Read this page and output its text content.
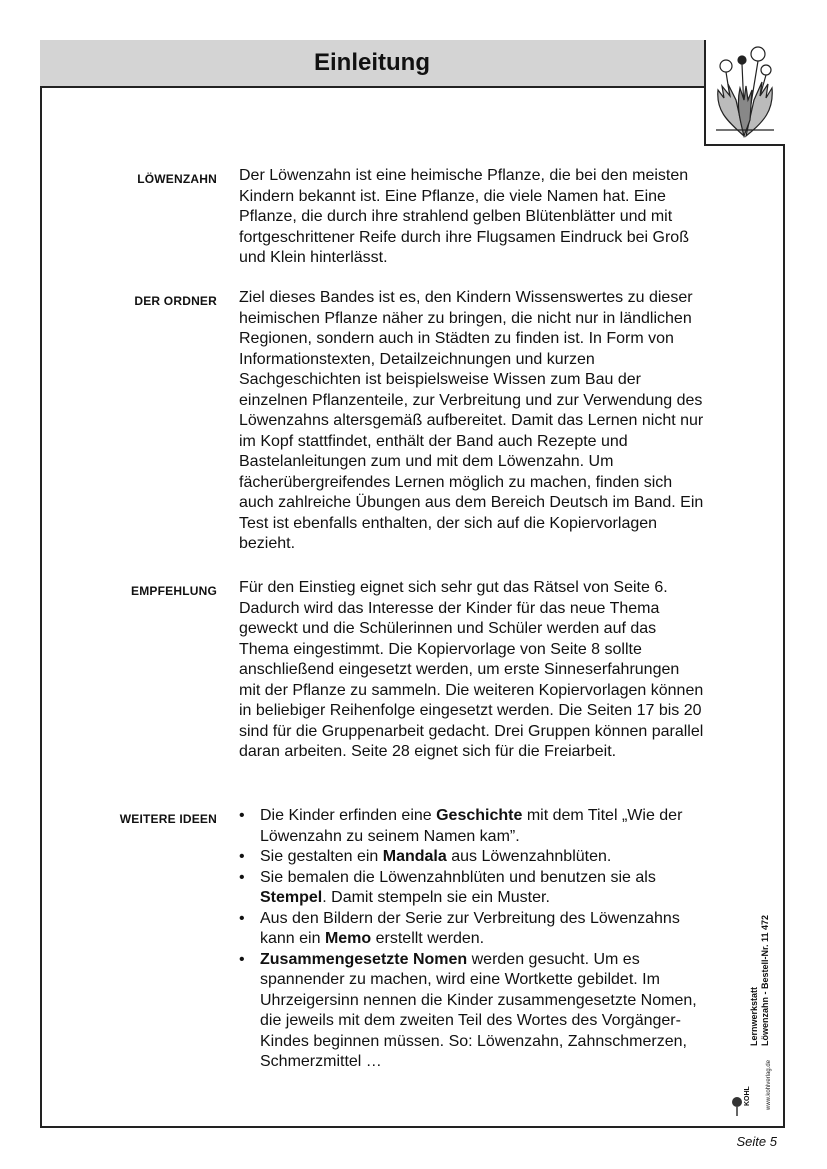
Einleitung
LÖWENZAHN Der Löwenzahn ist eine heimische Pflanze, die bei den meisten Kindern bekannt ist. Eine Pflanze, die viele Namen hat. Eine Pflanze, die durch ihre strahlend gelben Blütenblätter und mit fortgeschrittener Reife durch ihre Flugsamen Eindruck bei Groß und Klein hinterlässt.
DER ORDNER Ziel dieses Bandes ist es, den Kindern Wissenswertes zu dieser heimischen Pflanze näher zu bringen, die nicht nur in ländlichen Regionen, sondern auch in Städten zu finden ist. In Form von Informationstexten, Detailzeichnungen und kurzen Sachgeschichten ist beispielsweise Wissen zum Bau der einzelnen Pflanzenteile, zur Verbreitung und zur Verwendung des Löwenzahns altersgemäß aufbereitet. Damit das Lernen nicht nur im Kopf stattfindet, enthält der Band auch Rezepte und Bastelanleitungen zum und mit dem Löwenzahn. Um fächerübergreifendes Lernen möglich zu machen, finden sich auch zahlreiche Übungen aus dem Bereich Deutsch im Band. Ein Test ist ebenfalls enthalten, der sich auf die Kopiervorlagen bezieht.
EMPFEHLUNG Für den Einstieg eignet sich sehr gut das Rätsel von Seite 6. Dadurch wird das Interesse der Kinder für das neue Thema geweckt und die Schülerinnen und Schüler werden auf das Thema eingestimmt. Die Kopiervorlage von Seite 8 sollte anschließend eingesetzt werden, um erste Sinneserfahrungen mit der Pflanze zu sammeln. Die weiteren Kopiervorlagen können in beliebiger Reihenfolge eingesetzt werden. Die Seiten 17 bis 20 sind für die Gruppenarbeit gedacht. Drei Gruppen können parallel daran arbeiten. Seite 28 eignet sich für die Freiarbeit.
WEITERE IDEEN
•	Die Kinder erfinden eine Geschichte mit dem Titel „Wie der Löwenzahn zu seinem Namen kam”.
• Sie gestalten ein Mandala aus Löwenzahnblüten.
• Sie bemalen die Löwenzahnblüten und benutzen sie als Stempel. Damit stempeln sie ein Muster.
• Aus den Bildern der Serie zur Verbreitung des Löwenzahns kann ein Memo erstellt werden.
• Zusammengesetzte Nomen werden gesucht. Um es spannender zu machen, wird eine Wortkette gebildet. Im Uhrzeigersinn nennen die Kinder zusammengesetzte Nomen, die jeweils mit dem zweiten Teil des Wortes des Vorgänger-Kindes beginnen müssen. So: Löwenzahn, Zahnschmerzen, Schmerzmittel …
Lernwerkstatt Löwenzahn - Bestell-Nr. 11 472
www.kohlverlag.de
KOHL
Seite 5
